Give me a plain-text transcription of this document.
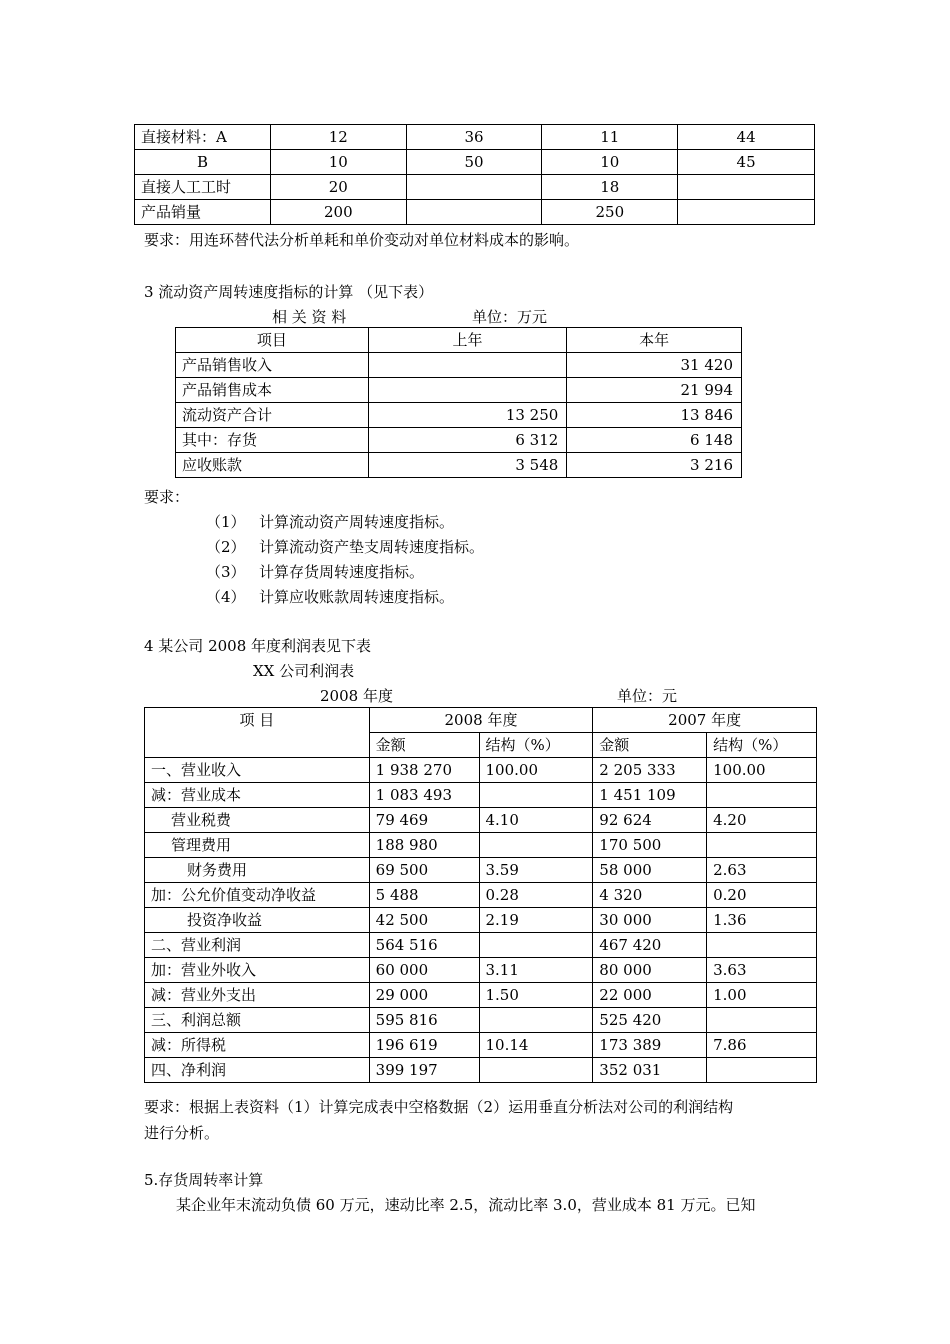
直接材料：A	12	36	11	44
B	10	50	10	45
直接人工工时	20		18	
产品销量	200		250	
要求：用连环替代法分析单耗和单价变动对单位材料成本的影响。
3 流动资产周转速度指标的计算 （见下表）
相 关 资 料	单位：万元
项目	上年	本年
产品销售收入		31 420
产品销售成本		21 994
流动资产合计	13 250	13 846
其中：存货	6 312	6 148
应收账款	3 548	3 216
要求：
（1） 计算流动资产周转速度指标。
（2） 计算流动资产垫支周转速度指标。
（3） 计算存货周转速度指标。
（4） 计算应收账款周转速度指标。
4 某公司 2008 年度利润表见下表
XX 公司利润表
2008 年度	单位：元
项 目	2008 年度		2007 年度	
	金额	结构（%）	金额	结构（%）
一、营业收入	1 938 270	100.00	2 205 333	100.00
减：营业成本	1 083 493		1 451 109	
营业税费	79 469	4.10	92 624	4.20
管理费用	188 980		170 500	
财务费用	69 500	3.59	58 000	2.63
加：公允价值变动净收益	5 488	0.28	4 320	0.20
投资净收益	42 500	2.19	30 000	1.36
二、营业利润	564 516		467 420	
加：营业外收入	60 000	3.11	80 000	3.63
减：营业外支出	29 000	1.50	22 000	1.00
三、利润总额	595 816		525 420	
减：所得税	196 619	10.14	173 389	7.86
四、净利润	399 197		352 031	
要求：根据上表资料（1）计算完成表中空格数据（2）运用垂直分析法对公司的利润结构
进行分析。
5.存货周转率计算
某企业年末流动负债 60 万元，速动比率 2.5，流动比率 3.0，营业成本 81 万元。已知
